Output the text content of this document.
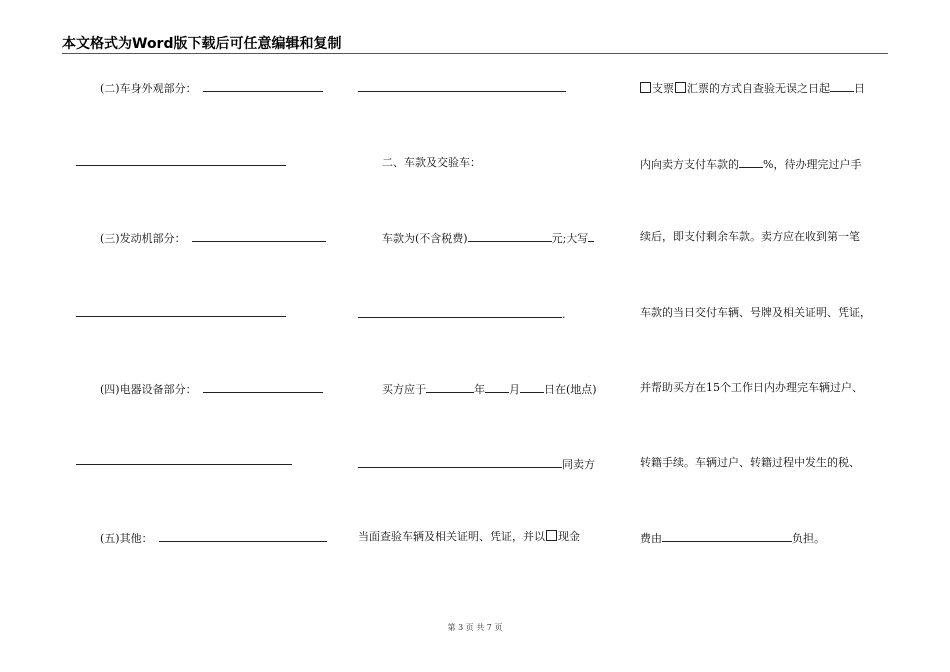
本文格式为Word版下载后可任意编辑和复制
(二)车身外观部分：
(三)发动机部分：
(四)电器设备部分：
(五)其他：
二、车款及交验车：
车款为(不含税费)	元;大写
.
买方应于	年 月 日在(地点)
同卖方
当面查验车辆及相关证明、凭证，并以 现金
支票 汇票的方式自查验无误之日起 日
内向卖方支付车款的 %，待办理完过户手
续后，即支付剩余车款。卖方应在收到第一笔
车款的当日交付车辆、号牌及相关证明、凭证，
并帮助买方在15个工作日内办理完车辆过户、
转籍手续。车辆过户、转籍过程中发生的税、
费由	负担。
第 3 页 共 7 页
